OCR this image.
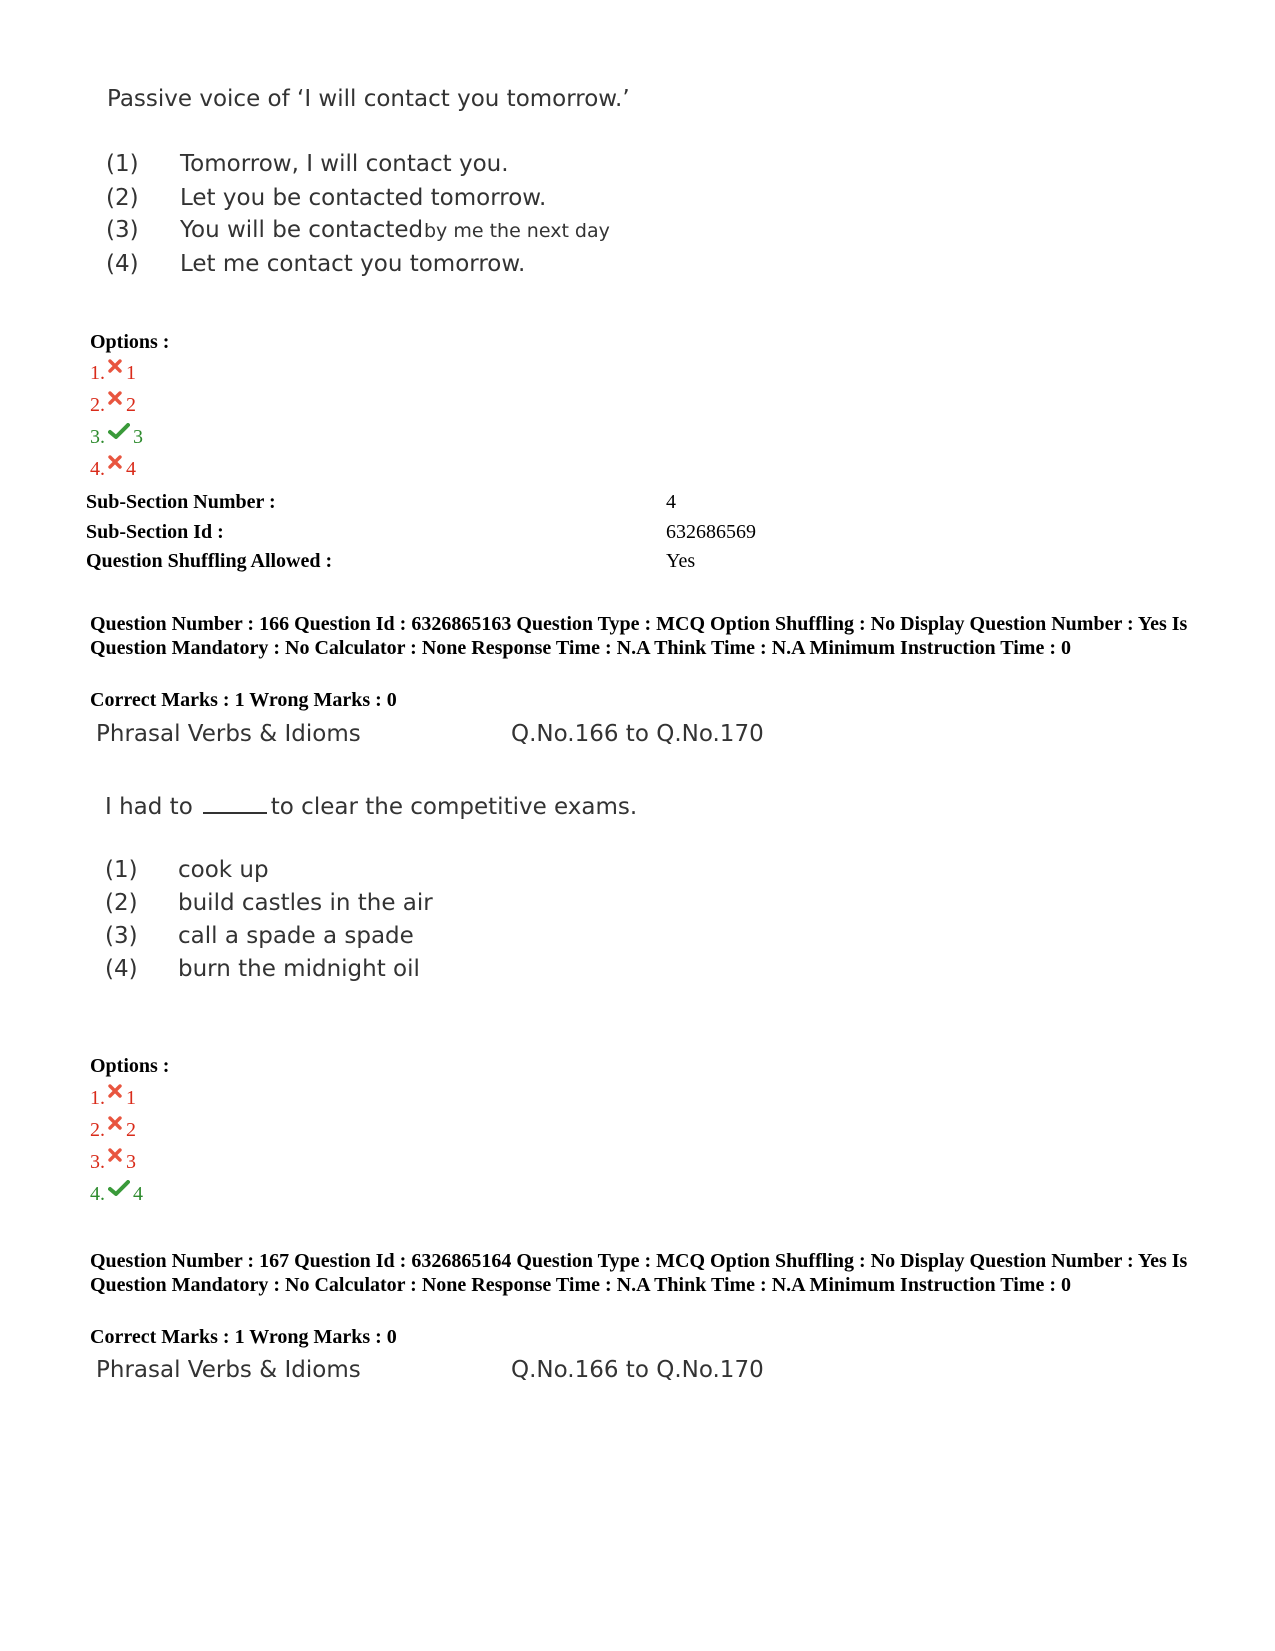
Passive voice of ‘I will contact you tomorrow.’
(1) Tomorrow, I will contact you.
(2) Let you be contacted tomorrow.
(3) You will be contacted by me the next day
(4) Let me contact you tomorrow.
Options :
1. 1
2. 2
3. 3
4. 4
Sub-Section Number :	4
Sub-Section Id :	632686569
Question Shuffling Allowed :	Yes
Question Number : 166 Question Id : 6326865163 Question Type : MCQ Option Shuffling : No Display Question Number : Yes Is Question Mandatory : No Calculator : None Response Time : N.A Think Time : N.A Minimum Instruction Time : 0
Correct Marks : 1 Wrong Marks : 0
Phrasal Verbs & Idioms	Q.No.166 to Q.No.170
I had to	to clear the competitive exams.
(1) cook up
(2) build castles in the air
(3) call a spade a spade
(4) burn the midnight oil
Options :
1. 1
2. 2
3. 3
4. 4
Question Number : 167 Question Id : 6326865164 Question Type : MCQ Option Shuffling : No Display Question Number : Yes Is Question Mandatory : No Calculator : None Response Time : N.A Think Time : N.A Minimum Instruction Time : 0
Correct Marks : 1 Wrong Marks : 0
Phrasal Verbs & Idioms	Q.No.166 to Q.No.170
